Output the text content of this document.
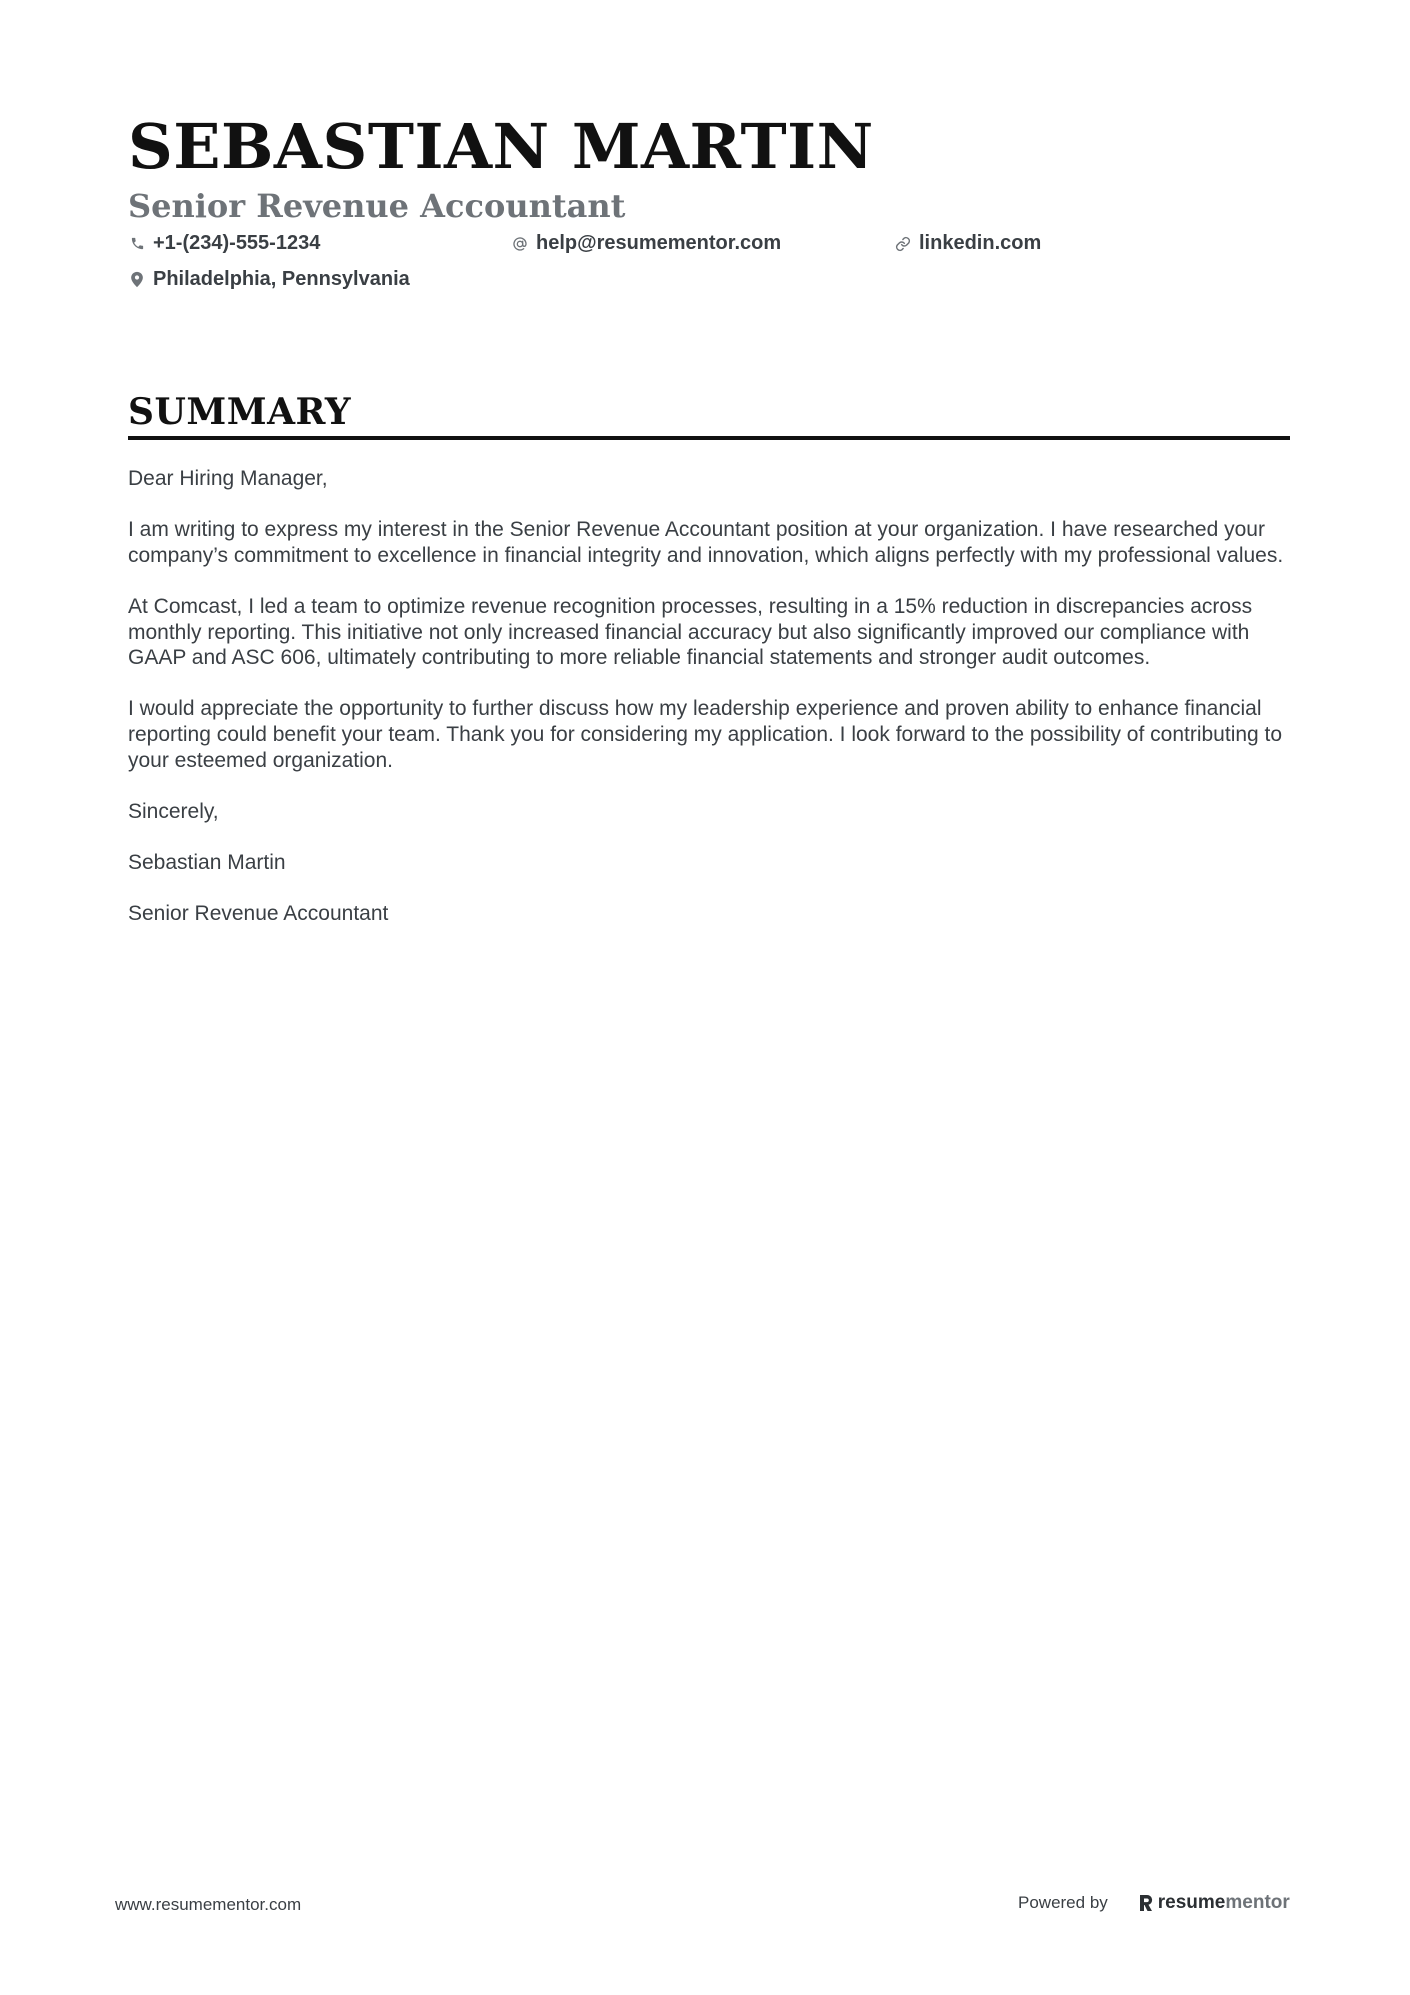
SEBASTIAN MARTIN
Senior Revenue Accountant
+1-(234)-555-1234	help@resumementor.com	linkedin.com
Philadelphia, Pennsylvania
SUMMARY

Dear Hiring Manager,

I am writing to express my interest in the Senior Revenue Accountant position at your organization. I have researched your company’s commitment to excellence in financial integrity and innovation, which aligns perfectly with my professional values.

At Comcast, I led a team to optimize revenue recognition processes, resulting in a 15% reduction in discrepancies across monthly reporting. This initiative not only increased financial accuracy but also significantly improved our compliance with GAAP and ASC 606, ultimately contributing to more reliable financial statements and stronger audit outcomes.

I would appreciate the opportunity to further discuss how my leadership experience and proven ability to enhance financial reporting could benefit your team. Thank you for considering my application. I look forward to the possibility of contributing to your esteemed organization.

Sincerely,

Sebastian Martin

Senior Revenue Accountant

www.resumementor.com	Powered by	resume mentor
